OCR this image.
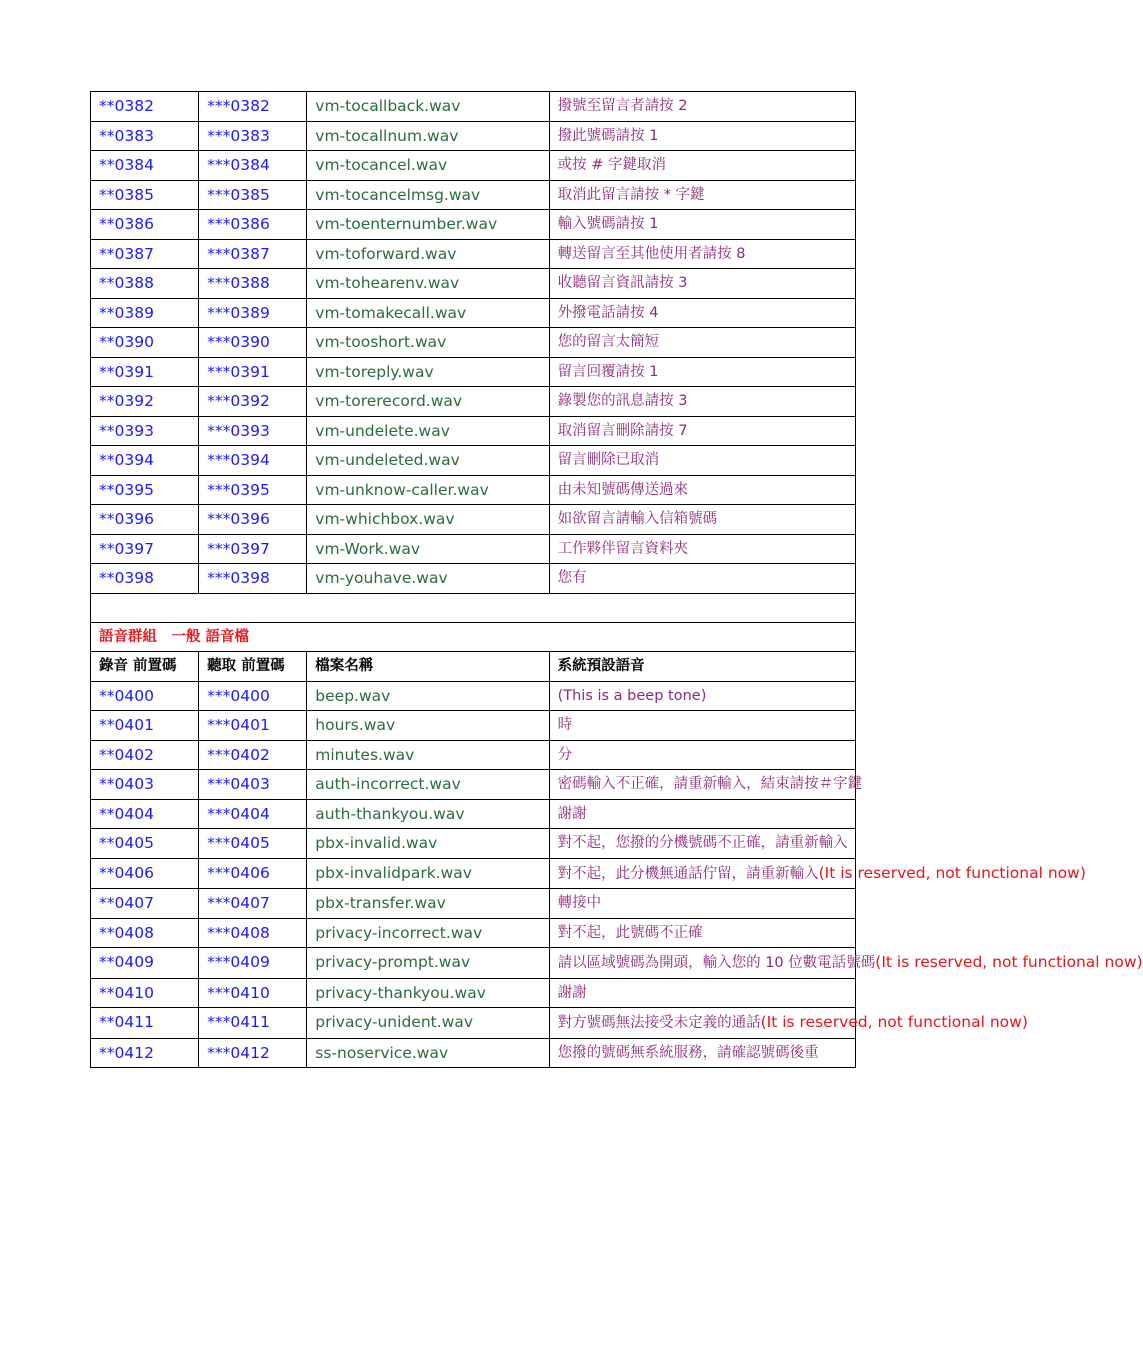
**0382	***0382	vm-tocallback.wav	撥號至留言者請按 2
**0383	***0383	vm-tocallnum.wav	撥此號碼請按 1
**0384	***0384	vm-tocancel.wav	或按 # 字鍵取消
**0385	***0385	vm-tocancelmsg.wav	取消此留言請按 * 字鍵
**0386	***0386	vm-toenternumber.wav	輸入號碼請按 1
**0387	***0387	vm-toforward.wav	轉送留言至其他使用者請按 8
**0388	***0388	vm-tohearenv.wav	收聽留言資訊請按 3
**0389	***0389	vm-tomakecall.wav	外撥電話請按 4
**0390	***0390	vm-tooshort.wav	您的留言太簡短
**0391	***0391	vm-toreply.wav	留言回覆請按 1
**0392	***0392	vm-torerecord.wav	錄製您的訊息請按 3
**0393	***0393	vm-undelete.wav	取消留言刪除請按 7
**0394	***0394	vm-undeleted.wav	留言刪除已取消
**0395	***0395	vm-unknow-caller.wav	由未知號碼傳送過來
**0396	***0396	vm-whichbox.wav	如欲留言請輸入信箱號碼
**0397	***0397	vm-Work.wav	工作夥伴留言資料夾
**0398	***0398	vm-youhave.wav	您有

語音群組　一般 語音檔			
錄音 前置碼	聽取 前置碼	檔案名稱	系統預設語音
**0400	***0400	beep.wav	(This is a beep tone)
**0401	***0401	hours.wav	時
**0402	***0402	minutes.wav	分
**0403	***0403	auth-incorrect.wav	密碼輸入不正確，請重新輸入，結束請按＃字鍵
**0404	***0404	auth-thankyou.wav	謝謝
**0405	***0405	pbx-invalid.wav	對不起，您撥的分機號碼不正確，請重新輸入
**0406	***0406	pbx-invalidpark.wav	對不起，此分機無通話佇留，請重新輸入(It is reserved, not functional now)
**0407	***0407	pbx-transfer.wav	轉接中
**0408	***0408	privacy-incorrect.wav	對不起，此號碼不正確
**0409	***0409	privacy-prompt.wav	請以區域號碼為開頭，輸入您的 10 位數電話號碼(It is reserved, not functional now)
**0410	***0410	privacy-thankyou.wav	謝謝
**0411	***0411	privacy-unident.wav	對方號碼無法接受未定義的通話(It is reserved, not functional now)
**0412	***0412	ss-noservice.wav	您撥的號碼無系統服務，請確認號碼後重
